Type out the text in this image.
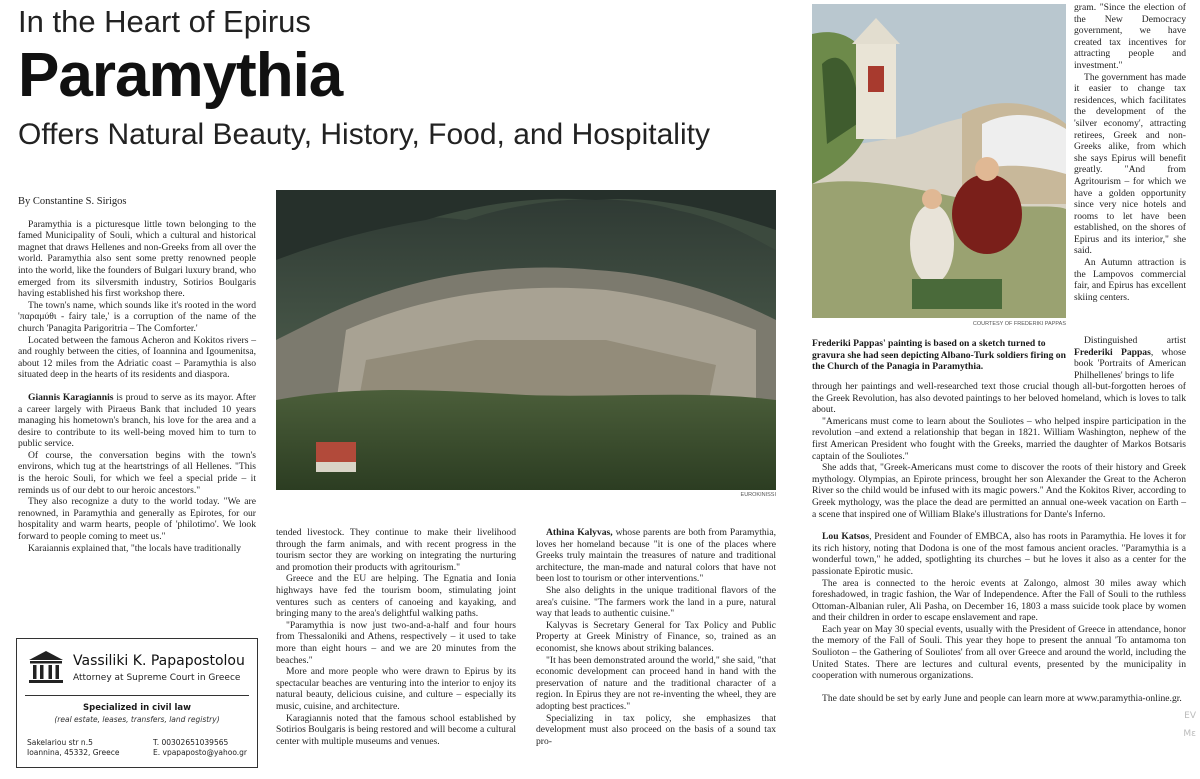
In the Heart of Epirus
Paramythia
Offers Natural Beauty, History, Food, and Hospitality
By Constantine S. Sirigos

Paramythia is a picturesque little town belonging to the famed Municipality of Souli, which a cultural and historical magnet that draws Hellenes and non-Greeks from all over the world. Paramythia also sent some pretty renowned people into the world, like the founders of Bulgari luxury brand, who emerged from its silversmith industry, Sotirios Boulgaris having established his first workshop there.

The town's name, which sounds like it's rooted in the word 'παραμύθι - fairy tale,' is a corruption of the name of the church 'Panagita Parigoritria – The Comforter.'

Located between the famous Acheron and Kokitos rivers – and roughly between the cities, of Ioannina and Igoumenitsa, about 12 miles from the Adriatic coast – Paramythia is also situated deep in the hearts of its residents and diaspora.

Giannis Karagiannis is proud to serve as its mayor. After a career largely with Piraeus Bank that included 10 years managing his hometown's branch, his love for the area and a desire to contribute to its well-being moved him to turn to public service.

Of course, the conversation begins with the town's environs, which tug at the heartstrings of all Hellenes. "This is the heroic Souli, for which we feel a special pride – it reminds us of our debt to our heroic ancestors."

They also recognize a duty to the world today. "We are renowned, in Paramythia and generally as Epirotes, for our hospitality and warm hearts, people of 'philotimo'. We look forward to people coming to meet us."

Karaiannis explained that, "the locals have traditionally

Vassiliki K. Papapostolou
Attorney at Supreme Court in Greece
Specialized in civil law
(real estate, leases, transfers, land registry)
Sakelariou str n.5
Ioannina, 45332, Greece
T. 00302651039565
E. vpapaposto@yahoo.gr
EUROKINISSI

tended livestock. They continue to make their livelihood through the farm animals, and with recent progress in the tourism sector they are working on integrating the nurturing and promotion their products with agritourism."

Greece and the EU are helping. The Egnatia and Ionia highways have fed the tourism boom, stimulating joint ventures such as centers of canoeing and kayaking, and bringing many to the area's delightful walking paths.

"Paramythia is now just two-and-a-half and four hours from Thessaloniki and Athens, respectively – it used to take more than eight hours – and we are 20 minutes from the beaches."

More and more people who were drawn to Epirus by its spectacular beaches are venturing into the interior to enjoy its natural beauty, delicious cuisine, and culture – especially its music, cuisine, and architecture.

Karagiannis noted that the famous school established by Sotirios Boulgaris is being restored and will become a cultural center with multiple museums and venues.

Athina Kalyvas, whose parents are both from Paramythia, loves her homeland because "it is one of the places where Greeks truly maintain the treasures of nature and traditional architecture, the man-made and natural colors that have not been lost to tourism or other interventions."

She also delights in the unique traditional flavors of the area's cuisine. "The farmers work the land in a pure, natural way that leads to authentic cuisine."

Kalyvas is Secretary General for Tax Policy and Public Property at Greek Ministry of Finance, so, trained as an economist, she knows about striking balances.

"It has been demonstrated around the world," she said, "that economic development can proceed hand in hand with the preservation of nature and the traditional character of a region. In Epirus they are not re-inventing the wheel, they are adopting best practices."

Specializing in tax policy, she emphasizes that development must also proceed on the basis of a sound tax pro-

COURTESY OF FREDERIKI PAPPAS
Frederiki Pappas' painting is based on a sketch turned to gravura she had seen depicting Albano-Turk soldiers firing on the Church of the Panagia in Paramythia.

gram. "Since the election of the New Democracy government, we have created tax incentives for attracting people and investment."

The government has made it easier to change tax residences, which facilitates the development of the 'silver economy', attracting retirees, Greek and non-Greeks alike, from which she says Epirus will benefit greatly. "And from Agritourism – for which we have a golden opportunity since very nice hotels and rooms to let have been established, on the shores of Epirus and its interior," she said.

An Autumn attraction is the Lampovos commercial fair, and Epirus has excellent skiing centers.

Distinguished artist Frederiki Pappas, whose book 'Portraits of American Philhellenes' brings to life

through her paintings and well-researched text those crucial though all-but-forgotten heroes of the Greek Revolution, has also devoted paintings to her beloved homeland, which is loves to talk about.

"Americans must come to learn about the Souliotes – who helped inspire participation in the revolution –and extend a relationship that began in 1821. William Washington, nephew of the first American President who fought with the Greeks, married the daughter of Markos Botsaris captain of the Souliotes."

She adds that, "Greek-Americans must come to discover the roots of their history and Greek mythology. Olympias, an Epirote princess, brought her son Alexander the Great to the Acheron River so the child would be infused with its magic powers." And the Kokitos River, according to Greek mythology, was the place the dead are permitted an annual one-week vacation on Earth – a scene that inspired one of William Blake's illustrations for Dante's Inferno.

Lou Katsos, President and Founder of EMBCA, also has roots in Paramythia. He loves it for its rich history, noting that Dodona is one of the most famous ancient oracles. "Paramythia is a wonderful town," he added, spotlighting its churches – but he loves it also as a center for the passionate Epirotic music.

The area is connected to the heroic events at Zalongo, almost 30 miles away which foreshadowed, in tragic fashion, the War of Independence. After the Fall of Souli to the ruthless Ottoman-Albanian ruler, Ali Pasha, on December 16, 1803 a mass suicide took place by women and their children in order to escape enslavement and rape.

Each year on May 30 special events, usually with the President of Greece in attendance, honor the memory of the Fall of Souli. This year they hope to present the annual 'To antamoma ton Soulioton – the Gathering of Souliotes' from all over Greece and around the world, including the United States. There are lectures and cultural events, presented by the municipality in cooperation with numerous organizations.

The date should be set by early June and people can learn more at www.paramythia-online.gr.

EV
Με
